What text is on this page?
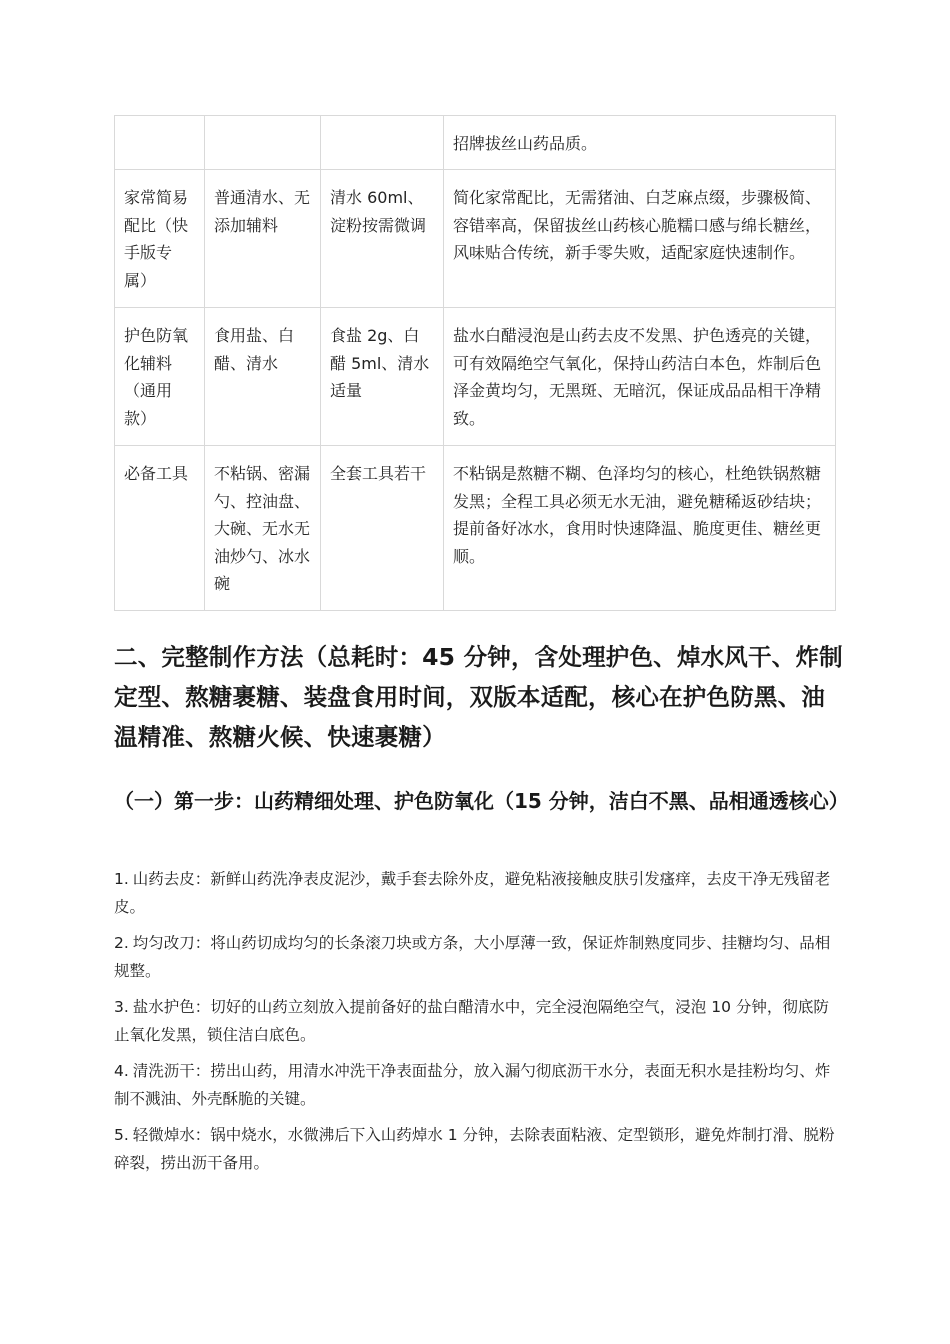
			招牌拔丝山药品质。
家常简易配比（快手版专属）	普通清水、无添加辅料	清水 60ml、淀粉按需微调	简化家常配比，无需猪油、白芝麻点缀，步骤极简、容错率高，保留拔丝山药核心脆糯口感与绵长糖丝，风味贴合传统，新手零失败，适配家庭快速制作。
护色防氧化辅料（通用款）	食用盐、白醋、清水	食盐 2g、白醋 5ml、清水适量	盐水白醋浸泡是山药去皮不发黑、护色透亮的关键，可有效隔绝空气氧化，保持山药洁白本色，炸制后色泽金黄均匀，无黑斑、无暗沉，保证成品品相干净精致。
必备工具	不粘锅、密漏勺、控油盘、大碗、无水无油炒勺、冰水碗	全套工具若干	不粘锅是熬糖不糊、色泽均匀的核心，杜绝铁锅熬糖发黑；全程工具必须无水无油，避免糖稀返砂结块；提前备好冰水，食用时快速降温、脆度更佳、糖丝更顺。
二、完整制作方法（总耗时：45 分钟，含处理护色、焯水风干、炸制定型、熬糖裹糖、装盘食用时间，双版本适配，核心在护色防黑、油温精准、熬糖火候、快速裹糖）
（一）第一步：山药精细处理、护色防氧化（15 分钟，洁白不黑、品相通透核心）
1. 山药去皮：新鲜山药洗净表皮泥沙，戴手套去除外皮，避免粘液接触皮肤引发瘙痒，去皮干净无残留老皮。
2. 均匀改刀：将山药切成均匀的长条滚刀块或方条，大小厚薄一致，保证炸制熟度同步、挂糖均匀、品相规整。
3. 盐水护色：切好的山药立刻放入提前备好的盐白醋清水中，完全浸泡隔绝空气，浸泡 10 分钟，彻底防止氧化发黑，锁住洁白底色。
4. 清洗沥干：捞出山药，用清水冲洗干净表面盐分，放入漏勺彻底沥干水分，表面无积水是挂粉均匀、炸制不溅油、外壳酥脆的关键。
5. 轻微焯水：锅中烧水，水微沸后下入山药焯水 1 分钟，去除表面粘液、定型锁形，避免炸制打滑、脱粉碎裂，捞出沥干备用。
